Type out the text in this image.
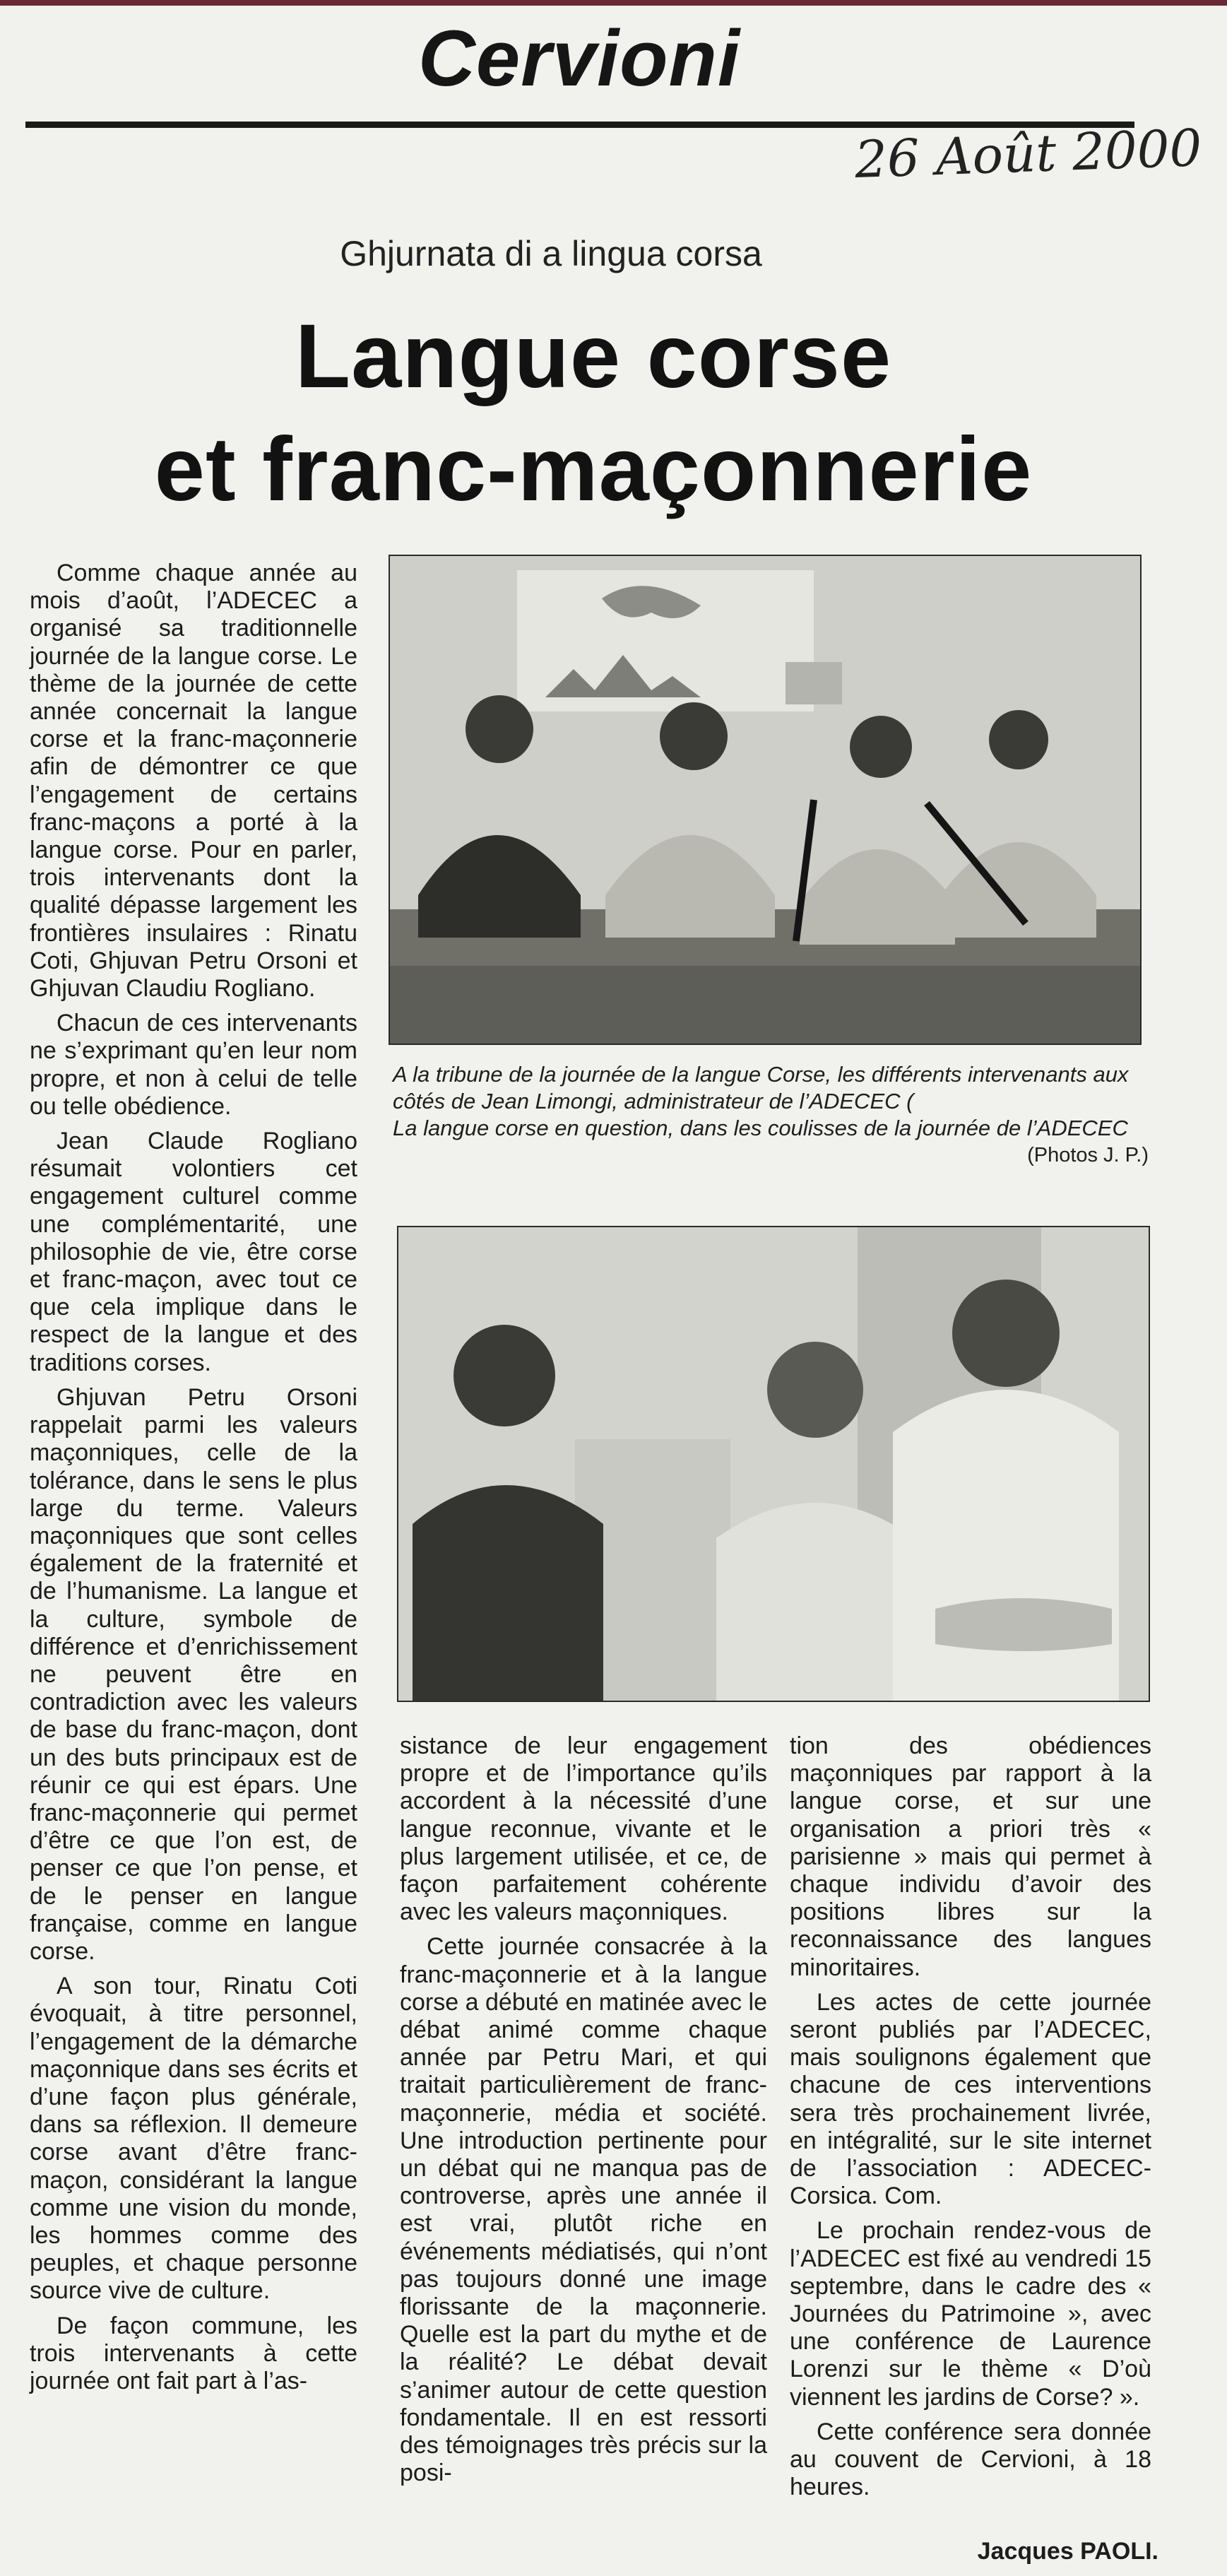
Cervioni
26 Août 2000
Ghjurnata di a lingua corsa
Langue corse
et franc-maçonnerie

Comme chaque année au mois d’août, l’ADECEC a organisé sa traditionnelle journée de la langue corse. Le thème de la journée de cette année concernait la langue corse et la franc-maçonnerie afin de démontrer ce que l’engagement de certains franc-maçons a porté à la langue corse. Pour en parler, trois intervenants dont la qualité dépasse largement les frontières insulaires : Rinatu Coti, Ghjuvan Petru Orsoni et Ghjuvan Claudiu Rogliano.

Chacun de ces intervenants ne s’exprimant qu’en leur nom propre, et non à celui de telle ou telle obédience.

Jean Claude Rogliano résumait volontiers cet engagement culturel comme une complémentarité, une philosophie de vie, être corse et franc-maçon, avec tout ce que cela implique dans le respect de la langue et des traditions corses.

Ghjuvan Petru Orsoni rappelait parmi les valeurs maçonniques, celle de la tolérance, dans le sens le plus large du terme. Valeurs maçonniques que sont celles également de la fraternité et de l’humanisme. La langue et la culture, symbole de différence et d’enrichissement ne peuvent être en contradiction avec les valeurs de base du franc-maçon, dont un des buts principaux est de réunir ce qui est épars. Une franc-maçonnerie qui permet d’être ce que l’on est, de penser ce que l’on pense, et de le penser en langue française, comme en langue corse.

A son tour, Rinatu Coti évoquait, à titre personnel, l’engagement de la démarche maçonnique dans ses écrits et d’une façon plus générale, dans sa réflexion. Il demeure corse avant d’être franc-maçon, considérant la langue comme une vision du monde, les hommes comme des peuples, et chaque personne source vive de culture.

De façon commune, les trois intervenants à cette journée ont fait part à l’as-

A la tribune de la journée de la langue Corse, les différents intervenants aux côtés de Jean Limongi, administrateur de l’ADECEC (
La langue corse en question, dans les coulisses de la journée de l’ADECEC
(Photos J. P.)

sistance de leur engagement propre et de l’importance qu’ils accordent à la nécessité d’une langue reconnue, vivante et le plus largement utilisée, et ce, de façon parfaitement cohérente avec les valeurs maçonniques.

Cette journée consacrée à la franc-maçonnerie et à la langue corse a débuté en matinée avec le débat animé comme chaque année par Petru Mari, et qui traitait particulièrement de franc-maçonnerie, média et société. Une introduction pertinente pour un débat qui ne manqua pas de controverse, après une année il est vrai, plutôt riche en événements médiatisés, qui n’ont pas toujours donné une image florissante de la maçonnerie. Quelle est la part du mythe et de la réalité? Le débat devait s’animer autour de cette question fondamentale. Il en est ressorti des témoignages très précis sur la posi-

tion des obédiences maçonniques par rapport à la langue corse, et sur une organisation a priori très « parisienne » mais qui permet à chaque individu d’avoir des positions libres sur la reconnaissance des langues minoritaires.

Les actes de cette journée seront publiés par l’ADECEC, mais soulignons également que chacune de ces interventions sera très prochainement livrée, en intégralité, sur le site internet de l’association : ADECEC-Corsica. Com.

Le prochain rendez-vous de l’ADECEC est fixé au vendredi 15 septembre, dans le cadre des « Journées du Patrimoine », avec une conférence de Laurence Lorenzi sur le thème « D’où viennent les jardins de Corse? ».

Cette conférence sera donnée au couvent de Cervioni, à 18 heures.

Jacques PAOLI.
